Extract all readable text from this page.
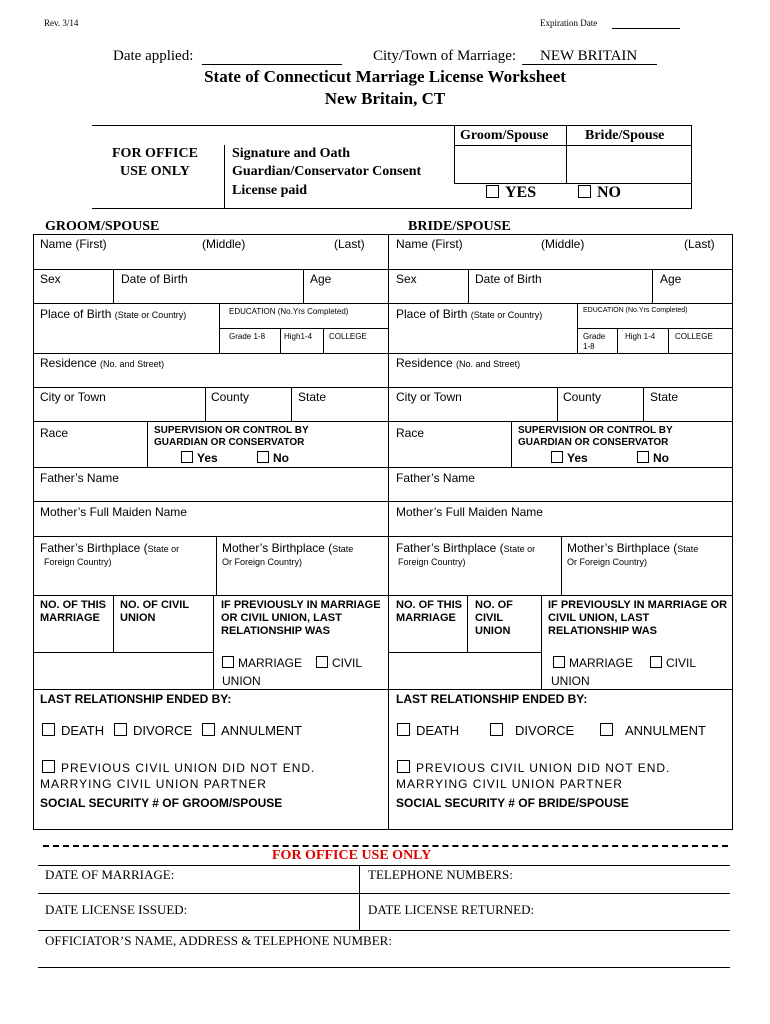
Rev. 3/14	Expiration Date
Date applied:	City/Town of Marriage: NEW BRITAIN
State of Connecticut Marriage License Worksheet
New Britain, CT
FOR OFFICE
USE ONLY
Signature and Oath
Guardian/Conservator Consent
License paid
Groom/Spouse	Bride/Spouse
YES	NO
GROOM/SPOUSE	BRIDE/SPOUSE
Name (First)	(Middle)	(Last)
Sex	Date of Birth	Age
Place of Birth (State or Country)	EDUCATION (No.Yrs Completed)
Grade 1-8 High1-4 COLLEGE
Residence (No. and Street)
City or Town	County	State
Race	SUPERVISION OR CONTROL BY GUARDIAN OR CONSERVATOR
Yes	No
Father’s Name
Mother’s Full Maiden Name
Father’s Birthplace (State or
Foreign Country)
Mother’s Birthplace (State
Or Foreign Country)
NO. OF THIS MARRIAGE
NO. OF CIVIL UNION
IF PREVIOUSLY IN MARRIAGE OR CIVIL UNION, LAST RELATIONSHIP WAS
MARRIAGE	CIVIL
UNION
LAST RELATIONSHIP ENDED BY:
DEATH	DIVORCE	ANNULMENT
PREVIOUS CIVIL UNION DID NOT END.
MARRYING CIVIL UNION PARTNER
SOCIAL SECURITY # OF GROOM/SPOUSE
Name (First)	(Middle)	(Last)
Sex	Date of Birth	Age
Place of Birth (State or Country)	EDUCATION (No.Yrs Completed)
Grade 1-8
High 1-4 COLLEGE
Residence (No. and Street)
City or Town	County	State
Race	SUPERVISION OR CONTROL BY GUARDIAN OR CONSERVATOR
Yes	No
Father’s Name
Mother’s Full Maiden Name
Father’s Birthplace (State or
Foreign Country)
Mother’s Birthplace (State
Or Foreign Country)
NO. OF THIS MARRIAGE
NO. OF CIVIL UNION
IF PREVIOUSLY IN MARRIAGE OR CIVIL UNION, LAST RELATIONSHIP WAS
MARRIAGE	CIVIL
UNION
LAST RELATIONSHIP ENDED BY:
DEATH	DIVORCE	ANNULMENT
PREVIOUS CIVIL UNION DID NOT END.
MARRYING CIVIL UNION PARTNER
SOCIAL SECURITY # OF BRIDE/SPOUSE
FOR OFFICE USE ONLY
DATE OF MARRIAGE:	TELEPHONE NUMBERS:
DATE LICENSE ISSUED:	DATE LICENSE RETURNED:
OFFICIATOR’S NAME, ADDRESS & TELEPHONE NUMBER:
